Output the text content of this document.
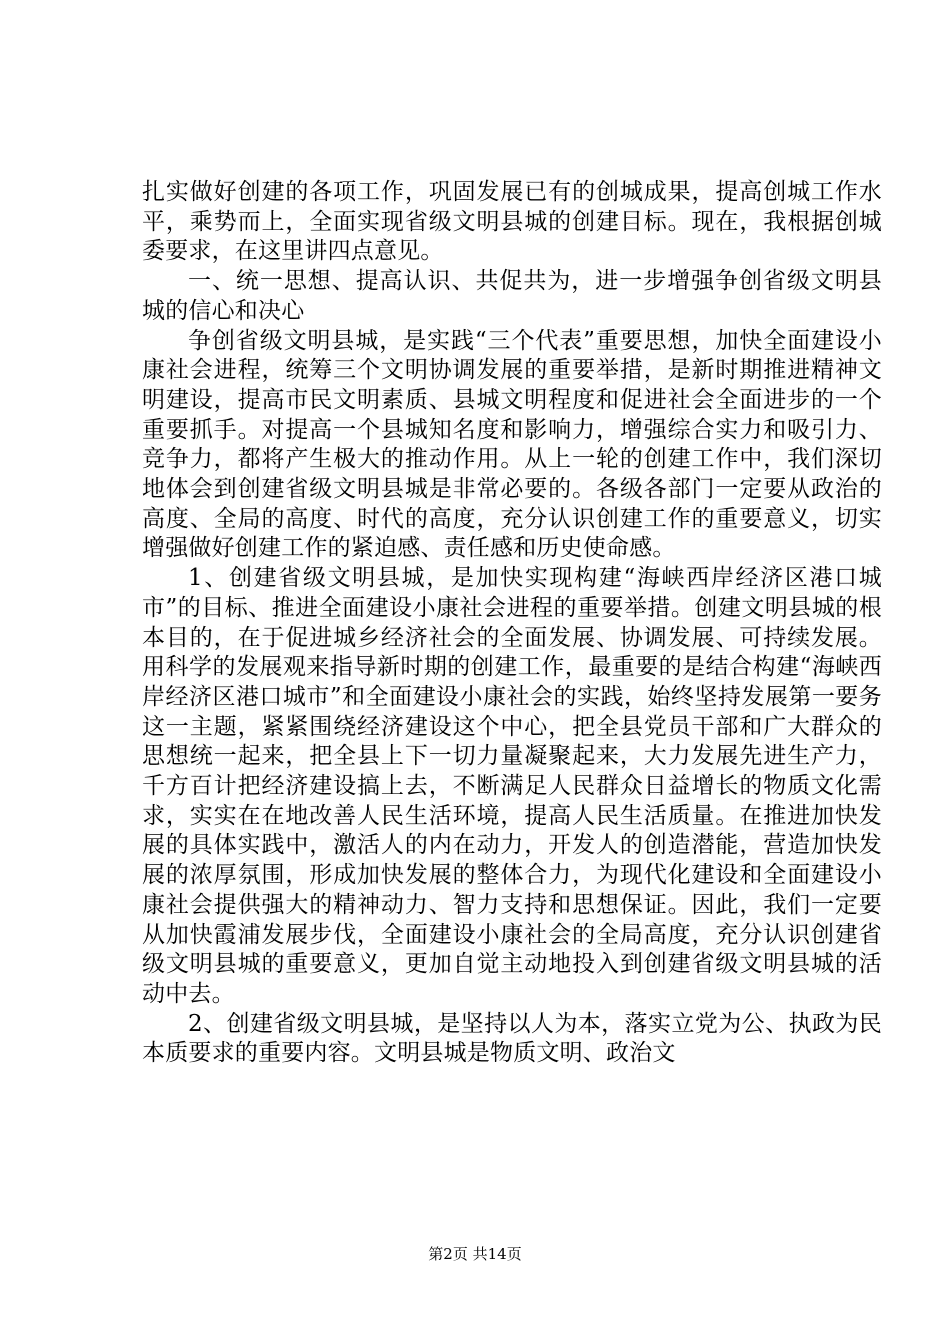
扎实做好创建的各项工作，巩固发展已有的创城成果，提高创城工作水平，乘势而上，全面实现省级文明县城的创建目标。现在，我根据创城委要求，在这里讲四点意见。

一、统一思想、提高认识、共促共为，进一步增强争创省级文明县城的信心和决心

争创省级文明县城，是实践“三个代表”重要思想，加快全面建设小康社会进程，统筹三个文明协调发展的重要举措，是新时期推进精神文明建设，提高市民文明素质、县城文明程度和促进社会全面进步的一个重要抓手。对提高一个县城知名度和影响力，增强综合实力和吸引力、竞争力，都将产生极大的推动作用。从上一轮的创建工作中，我们深切地体会到创建省级文明县城是非常必要的。各级各部门一定要从政治的高度、全局的高度、时代的高度，充分认识创建工作的重要意义，切实增强做好创建工作的紧迫感、责任感和历史使命感。

1、创建省级文明县城，是加快实现构建“海峡西岸经济区港口城市”的目标、推进全面建设小康社会进程的重要举措。创建文明县城的根本目的，在于促进城乡经济社会的全面发展、协调发展、可持续发展。用科学的发展观来指导新时期的创建工作，最重要的是结合构建“海峡西岸经济区港口城市”和全面建设小康社会的实践，始终坚持发展第一要务这一主题，紧紧围绕经济建设这个中心，把全县党员干部和广大群众的思想统一起来，把全县上下一切力量凝聚起来，大力发展先进生产力，千方百计把经济建设搞上去，不断满足人民群众日益增长的物质文化需求，实实在在地改善人民生活环境，提高人民生活质量。在推进加快发展的具体实践中，激活人的内在动力，开发人的创造潜能，营造加快发展的浓厚氛围，形成加快发展的整体合力，为现代化建设和全面建设小康社会提供强大的精神动力、智力支持和思想保证。因此，我们一定要从加快霞浦发展步伐，全面建设小康社会的全局高度，充分认识创建省级文明县城的重要意义，更加自觉主动地投入到创建省级文明县城的活动中去。

2、创建省级文明县城，是坚持以人为本，落实立党为公、执政为民本质要求的重要内容。文明县城是物质文明、政治文

第2页 共14页
